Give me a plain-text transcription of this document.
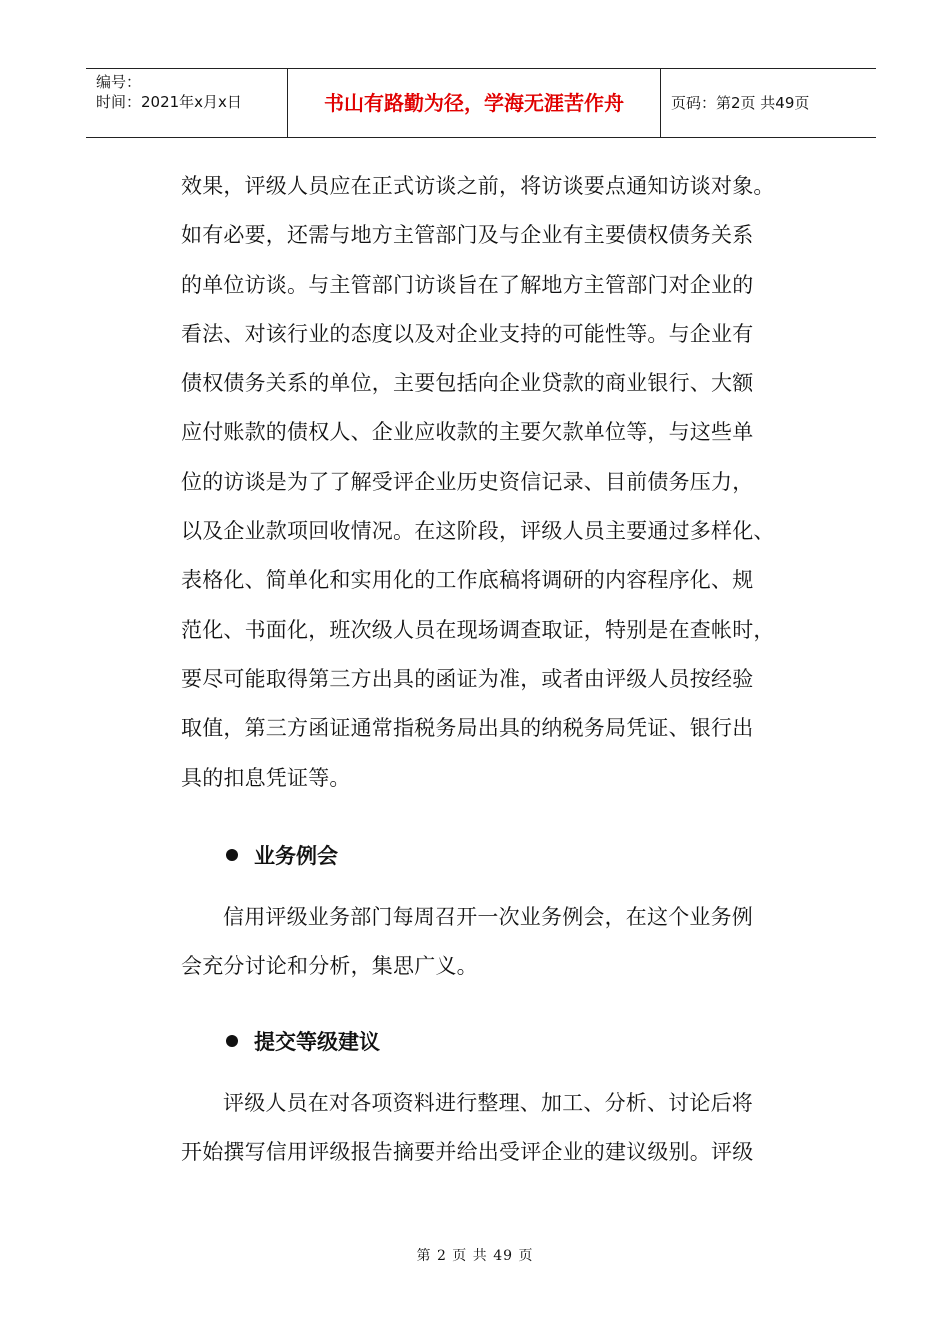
编号：
时间：2021年x月x日	书山有路勤为径，学海无涯苦作舟	页码：第2页 共49页
效果，评级人员应在正式访谈之前，将访谈要点通知访谈对象。
如有必要，还需与地方主管部门及与企业有主要债权债务关系
的单位访谈。与主管部门访谈旨在了解地方主管部门对企业的
看法、对该行业的态度以及对企业支持的可能性等。与企业有
债权债务关系的单位，主要包括向企业贷款的商业银行、大额
应付账款的债权人、企业应收款的主要欠款单位等，与这些单
位的访谈是为了了解受评企业历史资信记录、目前债务压力，
以及企业款项回收情况。在这阶段，评级人员主要通过多样化、
表格化、简单化和实用化的工作底稿将调研的内容程序化、规
范化、书面化，班次级人员在现场调查取证，特别是在查帐时，
要尽可能取得第三方出具的函证为准，或者由评级人员按经验
取值，第三方函证通常指税务局出具的纳税务局凭证、银行出
具的扣息凭证等。
业务例会
信用评级业务部门每周召开一次业务例会，在这个业务例
会充分讨论和分析，集思广义。
提交等级建议
评级人员在对各项资料进行整理、加工、分析、讨论后将
开始撰写信用评级报告摘要并给出受评企业的建议级别。评级
第 2 页 共 49 页
